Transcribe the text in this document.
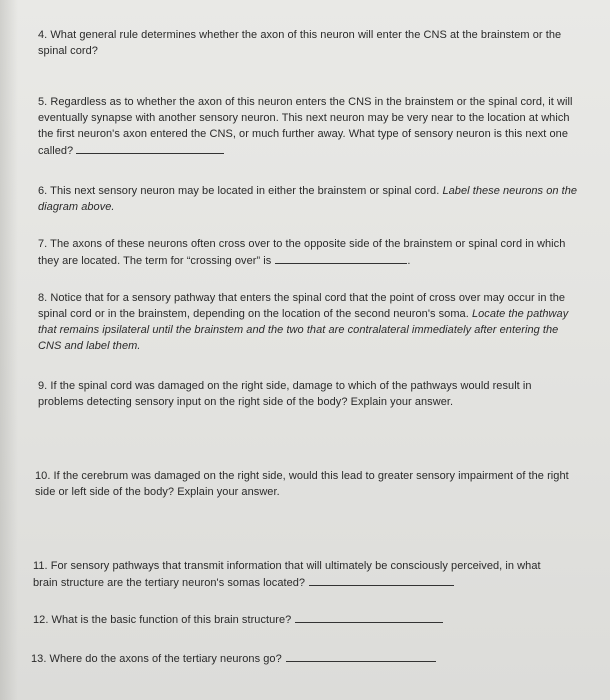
4. What general rule determines whether the axon of this neuron will enter the CNS at the brainstem or the spinal cord?
5. Regardless as to whether the axon of this neuron enters the CNS in the brainstem or the spinal cord, it will eventually synapse with another sensory neuron. This next neuron may be very near to the location at which the first neuron's axon entered the CNS, or much further away. What type of sensory neuron is this next one called?
6. This next sensory neuron may be located in either the brainstem or spinal cord. Label these neurons on the diagram above.
7. The axons of these neurons often cross over to the opposite side of the brainstem or spinal cord in which they are located. The term for “crossing over” is	.
8. Notice that for a sensory pathway that enters the spinal cord that the point of cross over may occur in the spinal cord or in the brainstem, depending on the location of the second neuron's soma. Locate the pathway that remains ipsilateral until the brainstem and the two that are contralateral immediately after entering the CNS and label them.
9. If the spinal cord was damaged on the right side, damage to which of the pathways would result in problems detecting sensory input on the right side of the body? Explain your answer.
10. If the cerebrum was damaged on the right side, would this lead to greater sensory impairment of the right side or left side of the body? Explain your answer.
11. For sensory pathways that transmit information that will ultimately be consciously perceived, in what brain structure are the tertiary neuron's somas located?
12. What is the basic function of this brain structure?
13. Where do the axons of the tertiary neurons go?
